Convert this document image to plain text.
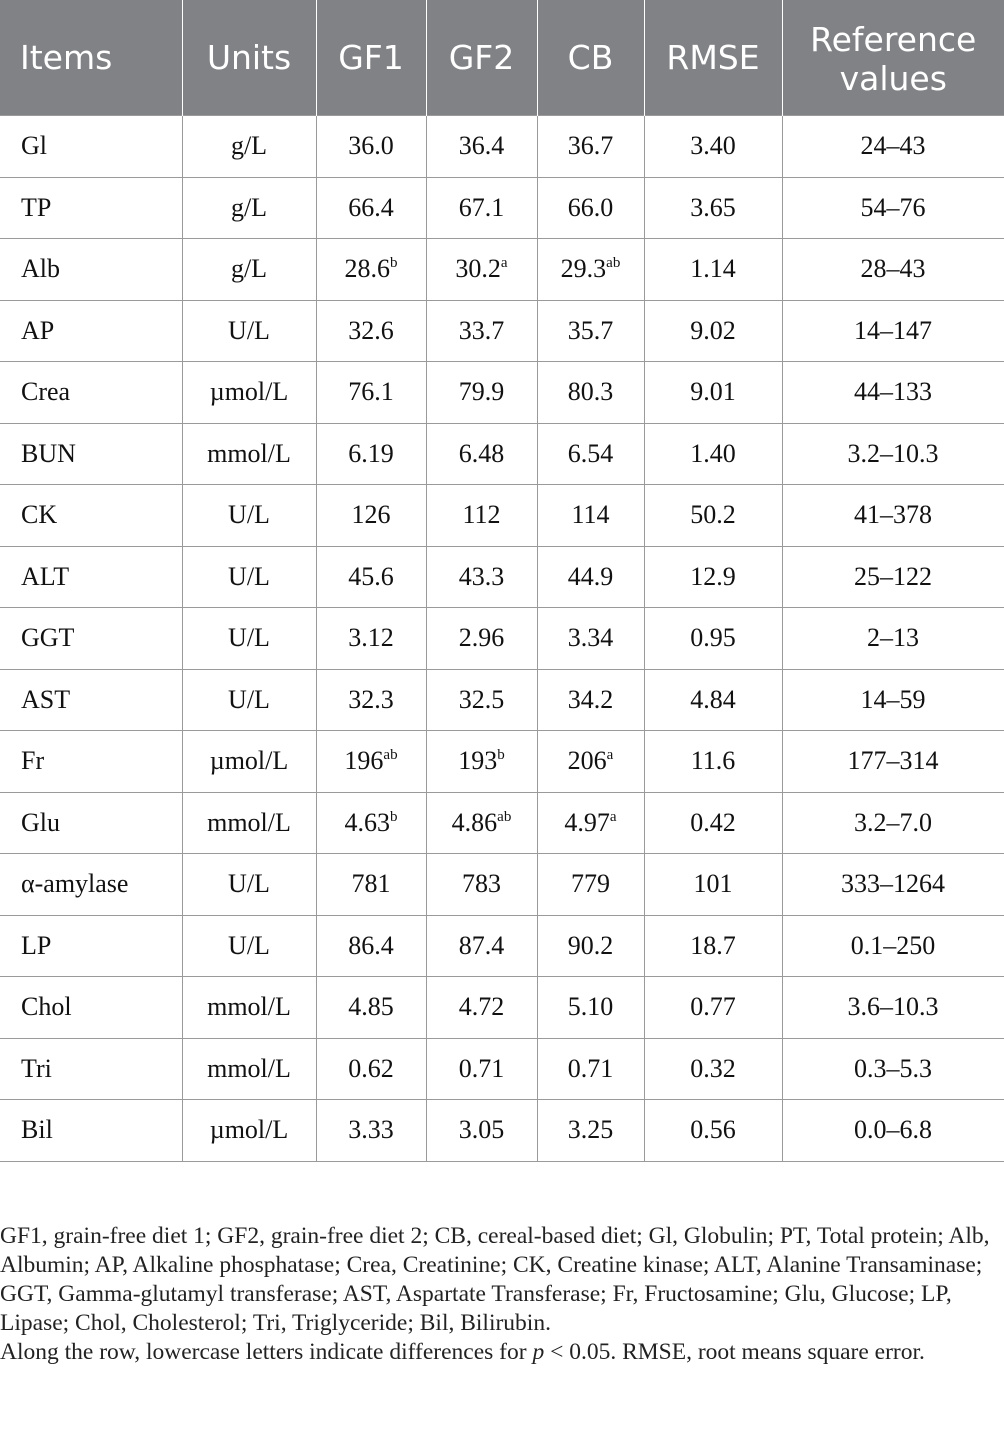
Items	Units	GF1	GF2	CB	RMSE	Reference values
Gl	g/L	36.0	36.4	36.7	3.40	24–43
TP	g/L	66.4	67.1	66.0	3.65	54–76
Alb	g/L	28.6$^b$	30.2$^a$	29.3$^{ab}$	1.14	28–43
AP	U/L	32.6	33.7	35.7	9.02	14–147
Crea	µmol/L	76.1	79.9	80.3	9.01	44–133
BUN	mmol/L	6.19	6.48	6.54	1.40	3.2–10.3
CK	U/L	126	112	114	50.2	41–378
ALT	U/L	45.6	43.3	44.9	12.9	25–122
GGT	U/L	3.12	2.96	3.34	0.95	2–13
AST	U/L	32.3	32.5	34.2	4.84	14–59
Fr	µmol/L	$196^{ab}$	193$^b$	206$^a$	11.6	177–314
Glu	mmol/L	4.63$^b$	4.86$^{ab}$	4.97$^a$	0.42	3.2–7.0
α-amylase	U/L	781	783	779	101	333–1264
LP	U/L	86.4	87.4	90.2	18.7	0.1–250
Chol	mmol/L	4.85	4.72	5.10	0.77	3.6–10.3
Tri	mmol/L	0.62	0.71	0.71	0.32	0.3–5.3
Bil	µmol/L	3.33	3.05	3.25	0.56	0.0–6.8

GF1, grain-free diet 1; GF2, grain-free diet 2; CB, cereal-based diet; Gl, Globulin; PT, Total protein; Alb, Albumin; AP, Alkaline phosphatase; Crea, Creatinine; CK, Creatine kinase; ALT, Alanine Transaminase; GGT, Gamma-glutamyl transferase; AST, Aspartate Transferase; Fr, Fructosamine; Glu, Glucose; LP, Lipase; Chol, Cholesterol; Tri, Triglyceride; Bil, Bilirubin.

Along the row, lowercase letters indicate differences for p < 0.05. RMSE, root means square error.
